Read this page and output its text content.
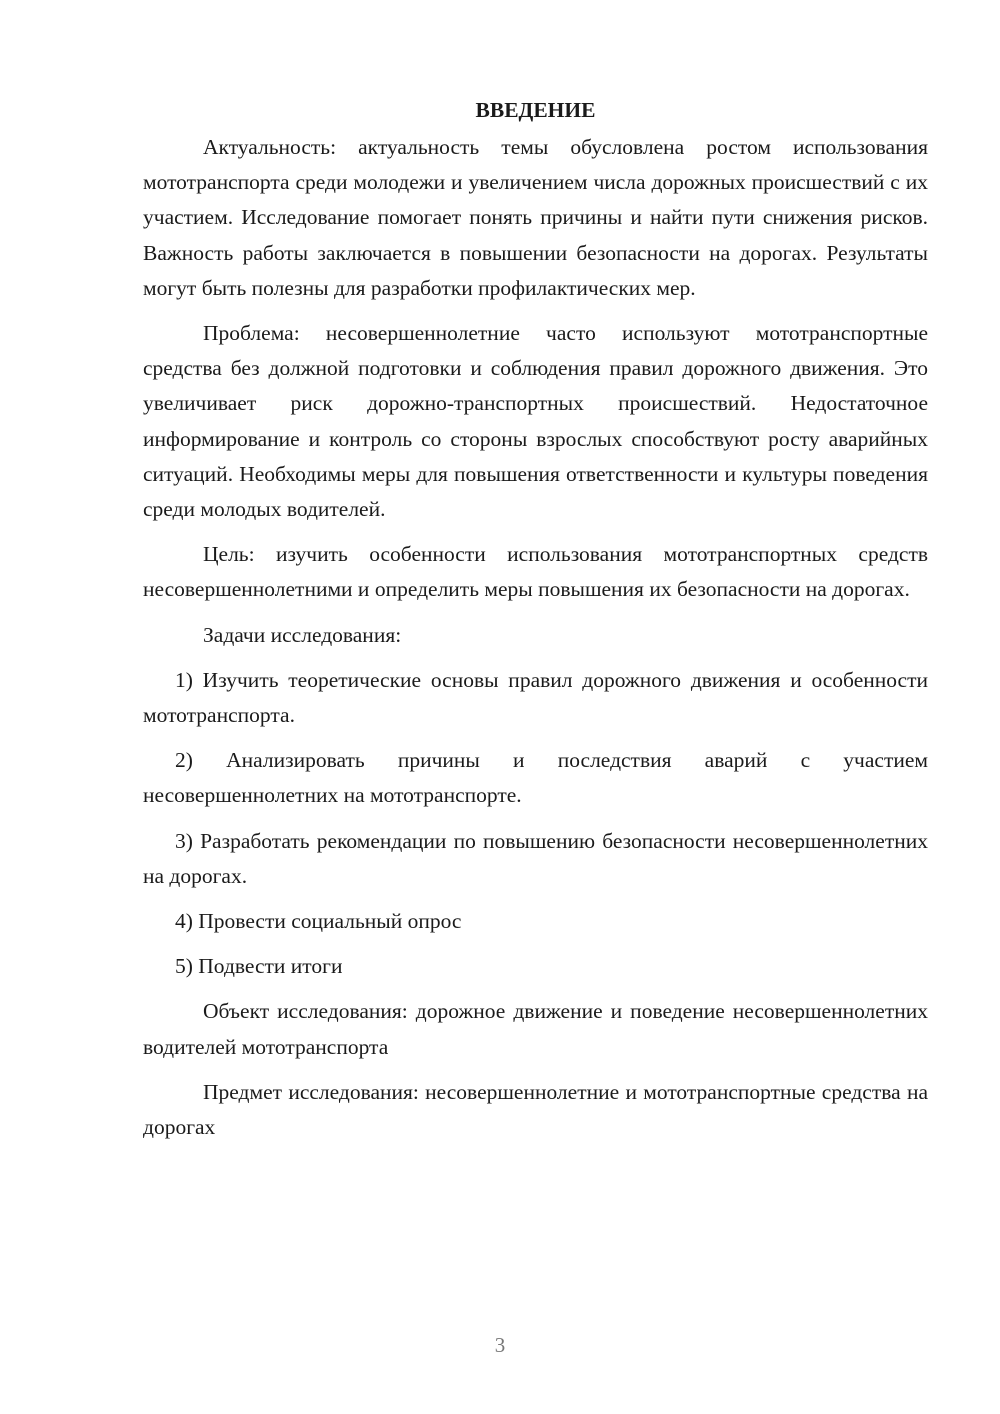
ВВЕДЕНИЕ

Актуальность: актуальность темы обусловлена ростом использования мототранспорта среди молодежи и увеличением числа дорожных происшествий с их участием. Исследование помогает понять причины и найти пути снижения рисков. Важность работы заключается в повышении безопасности на дорогах. Результаты могут быть полезны для разработки профилактических мер.

Проблема: несовершеннолетние часто используют мототранспортные средства без должной подготовки и соблюдения правил дорожного движения. Это увеличивает риск дорожно-транспортных происшествий. Недостаточное информирование и контроль со стороны взрослых способствуют росту аварийных ситуаций. Необходимы меры для повышения ответственности и культуры поведения среди молодых водителей.

Цель: изучить особенности использования мототранспортных средств несовершеннолетними и определить меры повышения их безопасности на дорогах.

Задачи исследования:

1) Изучить теоретические основы правил дорожного движения и особенности мототранспорта.

2) Анализировать причины и последствия аварий с участием несовершеннолетних на мототранспорте.

3) Разработать рекомендации по повышению безопасности несовершеннолетних на дорогах.

4) Провести социальный опрос

5) Подвести итоги

Объект исследования: дорожное движение и поведение несовершеннолетних водителей мототранспорта

Предмет исследования: несовершеннолетние и мототранспортные средства на дорогах

3
